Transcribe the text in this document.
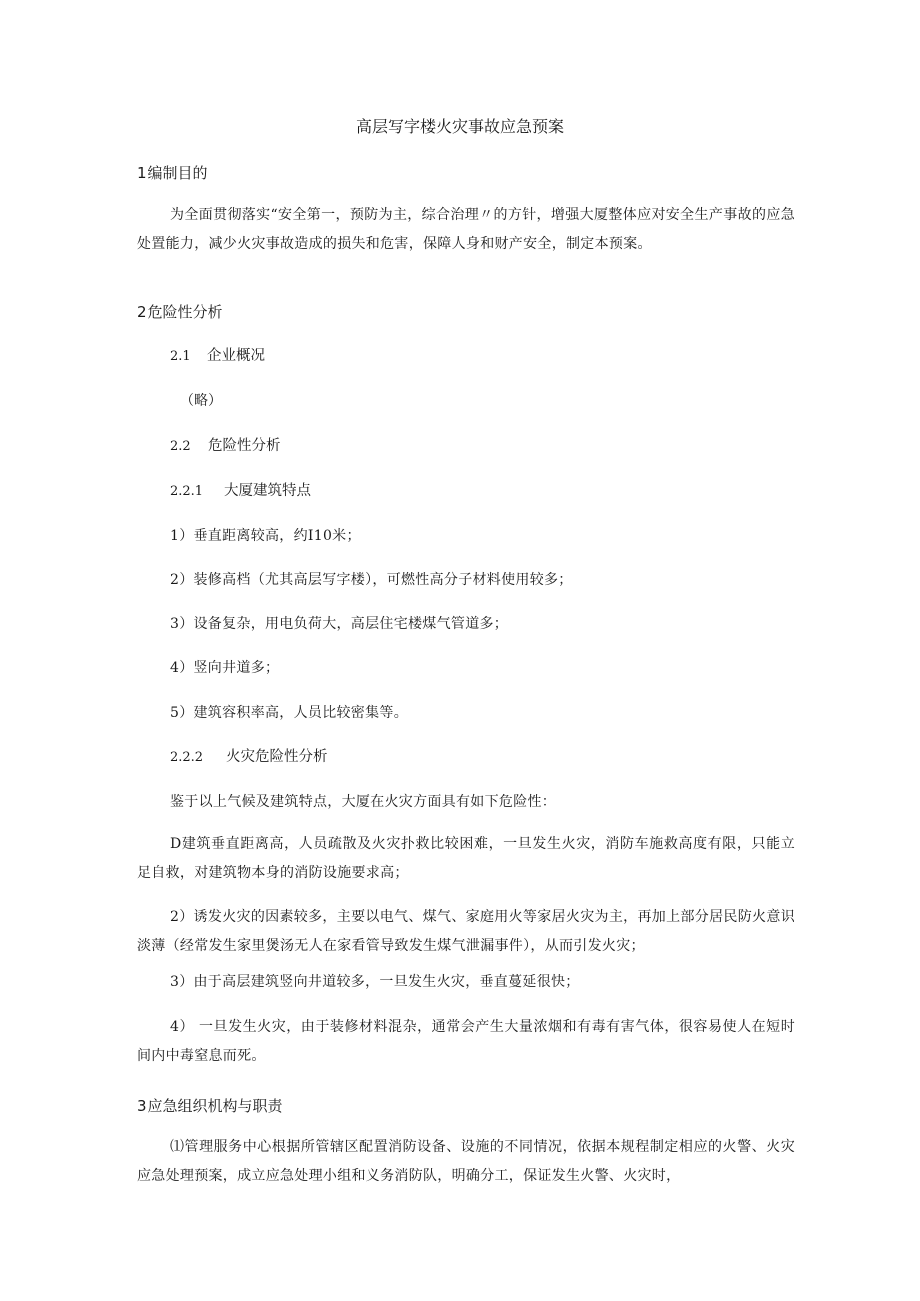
高层写字楼火灾事故应急预案
1编制目的
为全面贯彻落实“安全第一，预防为主，综合治理〃的方针，增强大厦整体应对安全生产事故的应急处置能力，减少火灾事故造成的损失和危害，保障人身和财产安全，制定本预案。
2危险性分析
2.1 企业概况
（略）
2.2 危险性分析
2.2.1 大厦建筑特点
1）垂直距离较高，约I10米；
2）装修高档（尤其高层写字楼），可燃性高分子材料使用较多；
3）设备复杂，用电负荷大，高层住宅楼煤气管道多；
4）竖向井道多；
5）建筑容积率高，人员比较密集等。
2.2.2 火灾危险性分析
鉴于以上气候及建筑特点，大厦在火灾方面具有如下危险性：
D建筑垂直距离高，人员疏散及火灾扑救比较困难，一旦发生火灾，消防车施救高度有限，只能立足自救，对建筑物本身的消防设施要求高；
2）诱发火灾的因素较多，主要以电气、煤气、家庭用火等家居火灾为主，再加上部分居民防火意识淡薄（经常发生家里煲汤无人在家看管导致发生煤气泄漏事件），从而引发火灾；
3）由于高层建筑竖向井道较多，一旦发生火灾，垂直蔓延很快；
4） 一旦发生火灾，由于装修材料混杂，通常会产生大量浓烟和有毒有害气体，很容易使人在短时间内中毒窒息而死。
3应急组织机构与职责
⑴管理服务中心根据所管辖区配置消防设备、设施的不同情况，依据本规程制定相应的火警、火灾应急处理预案，成立应急处理小组和义务消防队，明确分工，保证发生火警、火灾时，
